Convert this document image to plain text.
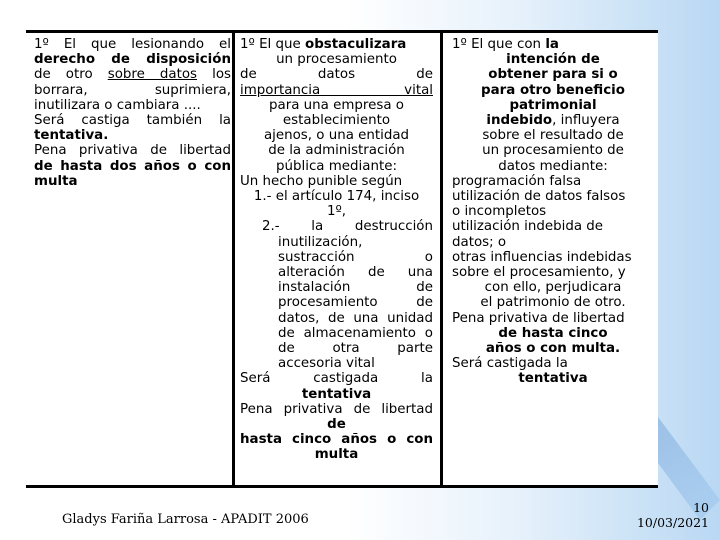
1º El que lesionando el
derecho de disposición
de otro sobre datos los
borrara, suprimiera,
inutilizara o cambiara ....
Será castiga también la
tentativa.
Pena privativa de libertad
de hasta dos años o con
multa
1º El que obstaculizara
un procesamiento
de datos de
importancia vital
para una empresa o
establecimiento
ajenos, o una entidad
de la administración
pública mediante:
Un hecho punible según
1.- el artículo 174, inciso
1º,
2.- la destrucción
inutilización,
sustracción o
alteración de una
instalación de
procesamiento de
datos, de una unidad
de almacenamiento o
de otra parte
accesoria vital
Será castigada la
tentativa
Pena privativa de libertad
de
hasta cinco años o con
multa
1º El que con la
intención de
obtener para si o
para otro beneficio
patrimonial
indebido, influyera
sobre el resultado de
un procesamiento de
datos mediante:
programación falsa
utilización de datos falsos
o incompletos
utilización indebida de
datos; o
otras influencias indebidas
sobre el procesamiento, y
con ello, perjudicara
el patrimonio de otro.
Pena privativa de libertad
de hasta cinco
años o con multa.
Será castigada la
tentativa
Gladys Fariña Larrosa - APADIT 2006
10
10/03/2021
